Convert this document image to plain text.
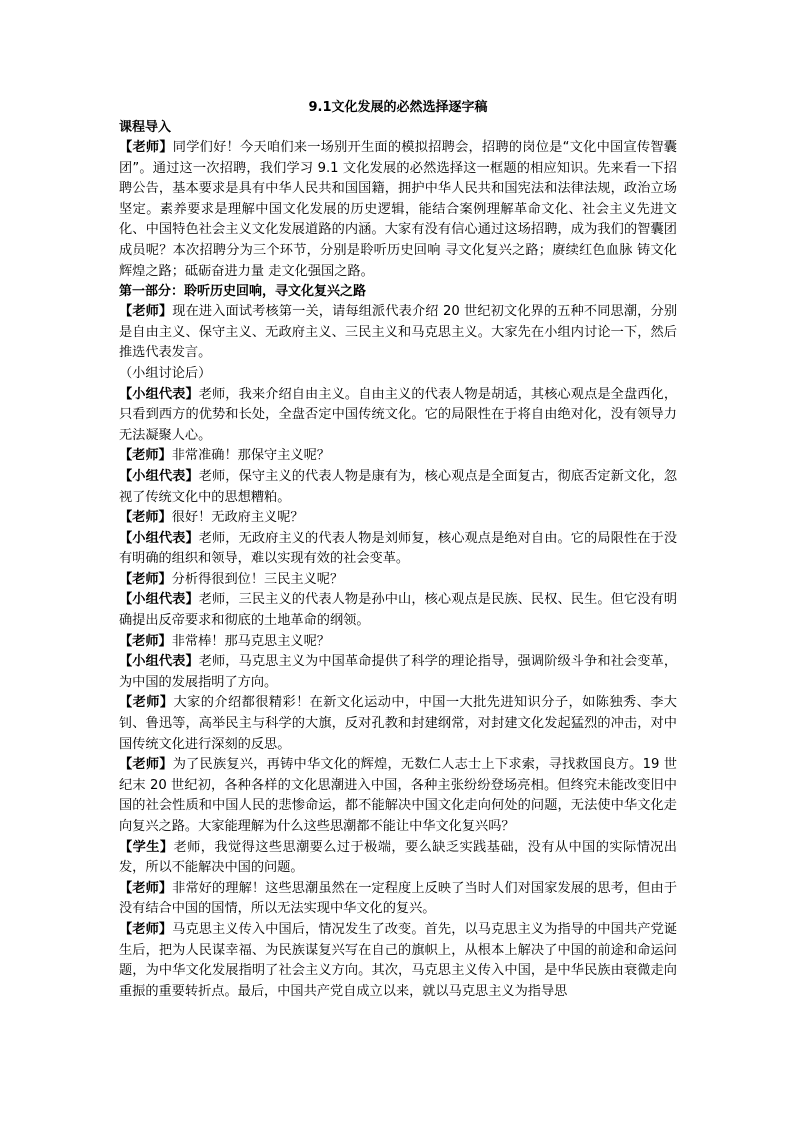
9.1文化发展的必然选择逐字稿

课程导入

【老师】同学们好！今天咱们来一场别开生面的模拟招聘会，招聘的岗位是“文化中国宣传智囊团”。通过这一次招聘，我们学习 9.1 文化发展的必然选择这一框题的相应知识。先来看一下招聘公告，基本要求是具有中华人民共和国国籍，拥护中华人民共和国宪法和法律法规，政治立场坚定。素养要求是理解中国文化发展的历史逻辑，能结合案例理解革命文化、社会主义先进文化、中国特色社会主义文化发展道路的内涵。大家有没有信心通过这场招聘，成为我们的智囊团成员呢？本次招聘分为三个环节，分别是聆听历史回响 寻文化复兴之路；赓续红色血脉 铸文化辉煌之路；砥砺奋进力量 走文化强国之路。

第一部分：聆听历史回响，寻文化复兴之路

【老师】现在进入面试考核第一关，请每组派代表介绍 20 世纪初文化界的五种不同思潮，分别是自由主义、保守主义、无政府主义、三民主义和马克思主义。大家先在小组内讨论一下，然后推选代表发言。

（小组讨论后）

【小组代表】老师，我来介绍自由主义。自由主义的代表人物是胡适，其核心观点是全盘西化，只看到西方的优势和长处，全盘否定中国传统文化。它的局限性在于将自由绝对化，没有领导力无法凝聚人心。

【老师】非常准确！那保守主义呢？

【小组代表】老师，保守主义的代表人物是康有为，核心观点是全面复古，彻底否定新文化，忽视了传统文化中的思想糟粕。

【老师】很好！无政府主义呢？

【小组代表】老师，无政府主义的代表人物是刘师复，核心观点是绝对自由。它的局限性在于没有明确的组织和领导，难以实现有效的社会变革。

【老师】分析得很到位！三民主义呢？

【小组代表】老师，三民主义的代表人物是孙中山，核心观点是民族、民权、民生。但它没有明确提出反帝要求和彻底的土地革命的纲领。

【老师】非常棒！那马克思主义呢？

【小组代表】老师，马克思主义为中国革命提供了科学的理论指导，强调阶级斗争和社会变革，为中国的发展指明了方向。

【老师】大家的介绍都很精彩！在新文化运动中，中国一大批先进知识分子，如陈独秀、李大钊、鲁迅等，高举民主与科学的大旗，反对孔教和封建纲常，对封建文化发起猛烈的冲击，对中国传统文化进行深刻的反思。

【老师】为了民族复兴，再铸中华文化的辉煌，无数仁人志士上下求索，寻找救国良方。19 世纪末 20 世纪初，各种各样的文化思潮进入中国，各种主张纷纷登场亮相。但终究未能改变旧中国的社会性质和中国人民的悲惨命运，都不能解决中国文化走向何处的问题，无法使中华文化走向复兴之路。大家能理解为什么这些思潮都不能让中华文化复兴吗？

【学生】老师，我觉得这些思潮要么过于极端，要么缺乏实践基础，没有从中国的实际情况出发，所以不能解决中国的问题。

【老师】非常好的理解！这些思潮虽然在一定程度上反映了当时人们对国家发展的思考，但由于没有结合中国的国情，所以无法实现中华文化的复兴。

【老师】马克思主义传入中国后，情况发生了改变。首先，以马克思主义为指导的中国共产党诞生后，把为人民谋幸福、为民族谋复兴写在自己的旗帜上，从根本上解决了中国的前途和命运问题，为中华文化发展指明了社会主义方向。其次，马克思主义传入中国，是中华民族由衰微走向重振的重要转折点。最后，中国共产党自成立以来，就以马克思主义为指导思
